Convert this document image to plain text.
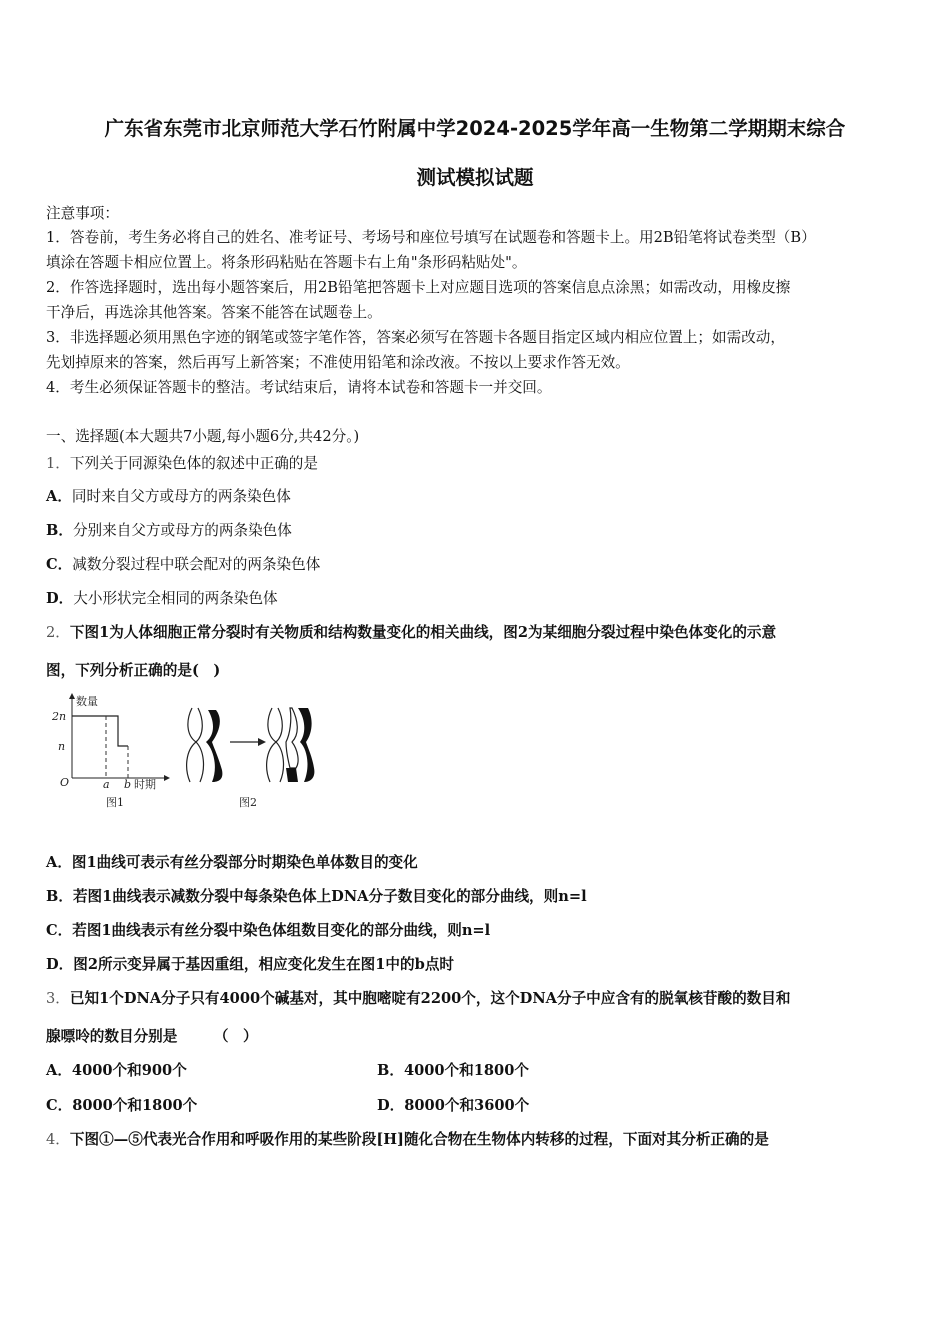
广东省东莞市北京师范大学石竹附属中学2024-2025学年高一生物第二学期期末综合
测试模拟试题
注意事项：
1．答卷前，考生务必将自己的姓名、准考证号、考场号和座位号填写在试题卷和答题卡上。用2B铅笔将试卷类型（B）
填涂在答题卡相应位置上。将条形码粘贴在答题卡右上角"条形码粘贴处"。
2．作答选择题时，选出每小题答案后，用2B铅笔把答题卡上对应题目选项的答案信息点涂黑；如需改动，用橡皮擦
干净后，再选涂其他答案。答案不能答在试题卷上。
3．非选择题必须用黑色字迹的钢笔或签字笔作答，答案必须写在答题卡各题目指定区域内相应位置上；如需改动，
先划掉原来的答案，然后再写上新答案；不准使用铅笔和涂改液。不按以上要求作答无效。
4．考生必须保证答题卡的整洁。考试结束后，请将本试卷和答题卡一并交回。
一、选择题(本大题共7小题,每小题6分,共42分。)
1．下列关于同源染色体的叙述中正确的是
A．同时来自父方或母方的两条染色体
B．分别来自父方或母方的两条染色体
C．减数分裂过程中联会配对的两条染色体
D．大小形状完全相同的两条染色体
2．下图1为人体细胞正常分裂时有关物质和结构数量变化的相关曲线，图2为某细胞分裂过程中染色体变化的示意
图，下列分析正确的是(　)
数量
2n
n
O	a b 时期
图1	图2
A．图1曲线可表示有丝分裂部分时期染色单体数目的变化
B．若图1曲线表示减数分裂中每条染色体上DNA分子数目变化的部分曲线，则n=l
C．若图1曲线表示有丝分裂中染色体组数目变化的部分曲线，则n=l
D．图2所示变异属于基因重组，相应变化发生在图1中的b点时
3．已知1个DNA分子只有4000个碱基对，其中胞嘧啶有2200个，这个DNA分子中应含有的脱氧核苷酸的数目和
腺嘌呤的数目分别是　　　（　）
A．4000个和900个	B．4000个和1800个
C．8000个和1800个	D．8000个和3600个
4．下图①—⑤代表光合作用和呼吸作用的某些阶段[H]随化合物在生物体内转移的过程，下面对其分析正确的是
